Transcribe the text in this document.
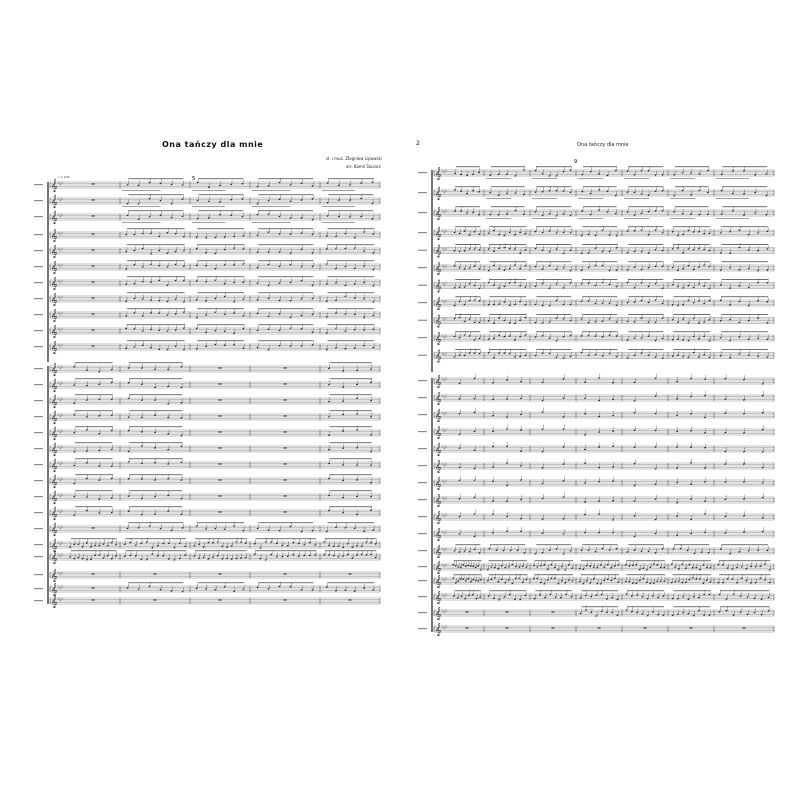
Ona tańczy dla mnie
sł. i muz. Zbigniew Lipowski
arr. Kamil Ślusarz
𝄞 ♭ ♭ ♭
𝄞 ♭ ♭ ♭
𝄞 ♭ ♭ ♭
𝄞 ♭ ♭ ♭
𝄞 ♭ ♭ ♭
𝄞 ♭ ♭ ♭
𝄞 ♭ ♭ ♭
𝄞 ♭ ♭ ♭
𝄞 ♭ ♭ ♭
𝄞 ♭ ♭ ♭
𝄞 ♭ ♭ ♭
𝄞 ♭ ♭ ♭
𝄞 ♭ ♭ ♭
𝄞 ♭ ♭ ♭
𝄞 ♭ ♭ ♭
𝄞 ♭ ♭ ♭
𝄞 ♭ ♭ ♭
𝄞 ♭ ♭ ♭
𝄞 ♭ ♭ ♭
𝄞 ♭ ♭ ♭
𝄞 ♭ ♭ ♭
𝄞 ♭ ♭ ♭
𝄞 ♭ ♭ ♭
𝄞 ♭ ♭ ♭
𝄞 ♭ ♭ ♭
𝄞 ♭ ♭ ♭
𝄞 ♭ ♭ ♭
♩ = 120	5
2	Ona tańczy dla mnie
𝄞 ♭ ♭ ♭
𝄞 ♭ ♭ ♭
𝄞 ♭ ♭ ♭
𝄞 ♭ ♭ ♭
𝄞 ♭ ♭ ♭
𝄞 ♭ ♭ ♭
𝄞 ♭ ♭ ♭
𝄞 ♭ ♭ ♭
𝄞 ♭ ♭ ♭
𝄞 ♭ ♭ ♭
𝄞 ♭ ♭ ♭
𝄞 ♭ ♭ ♭
𝄞 ♭ ♭ ♭
𝄞 ♭ ♭ ♭
𝄞 ♭ ♭ ♭
𝄞 ♭ ♭ ♭
𝄞 ♭ ♭ ♭
𝄞 ♭ ♭ ♭
𝄞 ♭ ♭ ♭
𝄞 ♭ ♭ ♭
𝄞 ♭ ♭ ♭
𝄞 ♭ ♭ ♭
𝄞 ♭ ♭ ♭
𝄞 ♭ ♭ ♭
𝄞 ♭ ♭ ♭
𝄞 ♭ ♭ ♭
𝄞 ♭ ♭ ♭
9
